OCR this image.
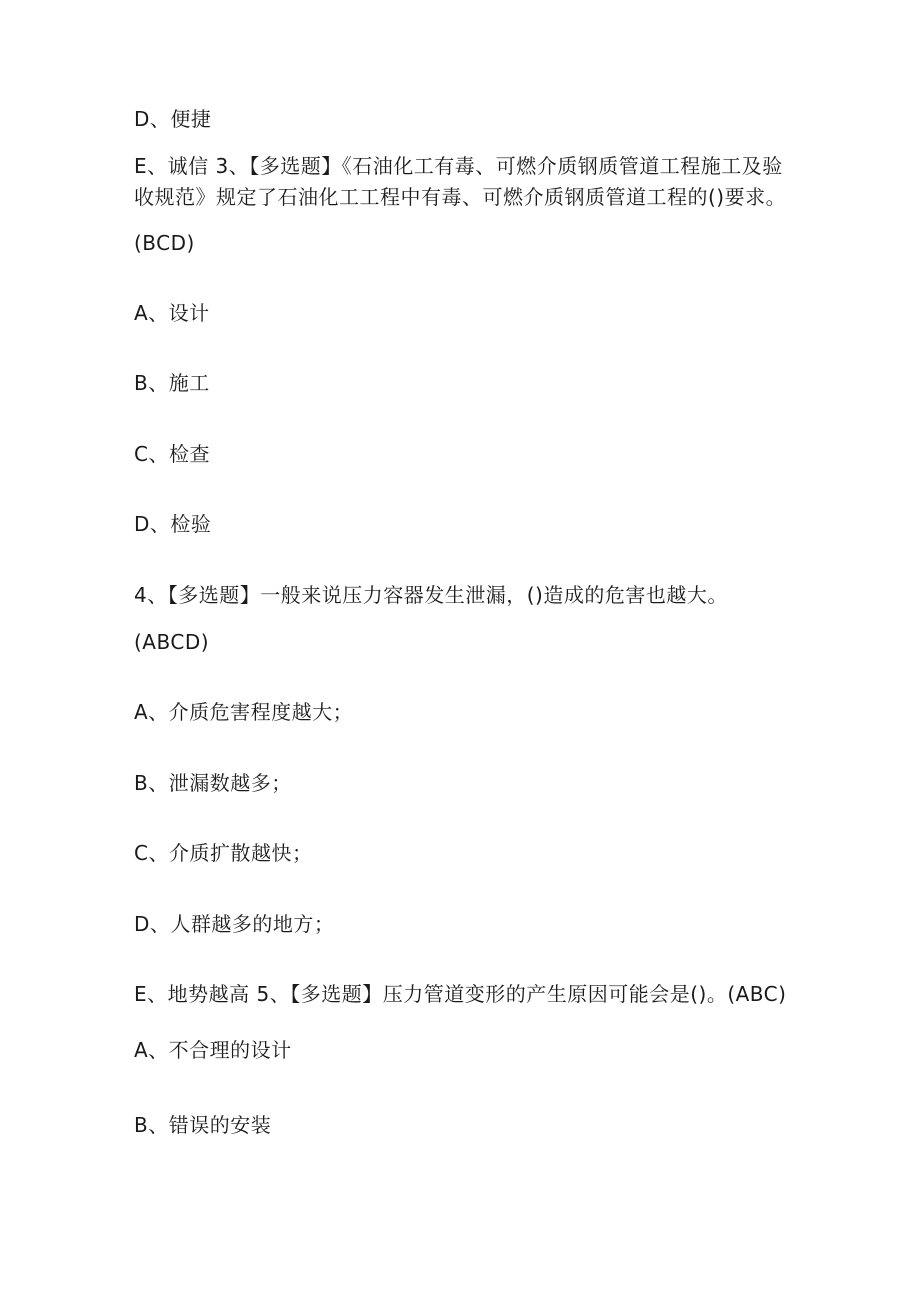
D、便捷
E、诚信 3、【多选题】《石油化工有毒、可燃介质钢质管道工程施工及验
收规范》规定了石油化工工程中有毒、可燃介质钢质管道工程的()要求。
(BCD)
A、设计
B、施工
C、检查
D、检验
4、【多选题】一般来说压力容器发生泄漏，()造成的危害也越大。
(ABCD)
A、介质危害程度越大；
B、泄漏数越多；
C、介质扩散越快；
D、人群越多的地方；
E、地势越高 5、【多选题】压力管道变形的产生原因可能会是()。(ABC)
A、不合理的设计
B、错误的安装
